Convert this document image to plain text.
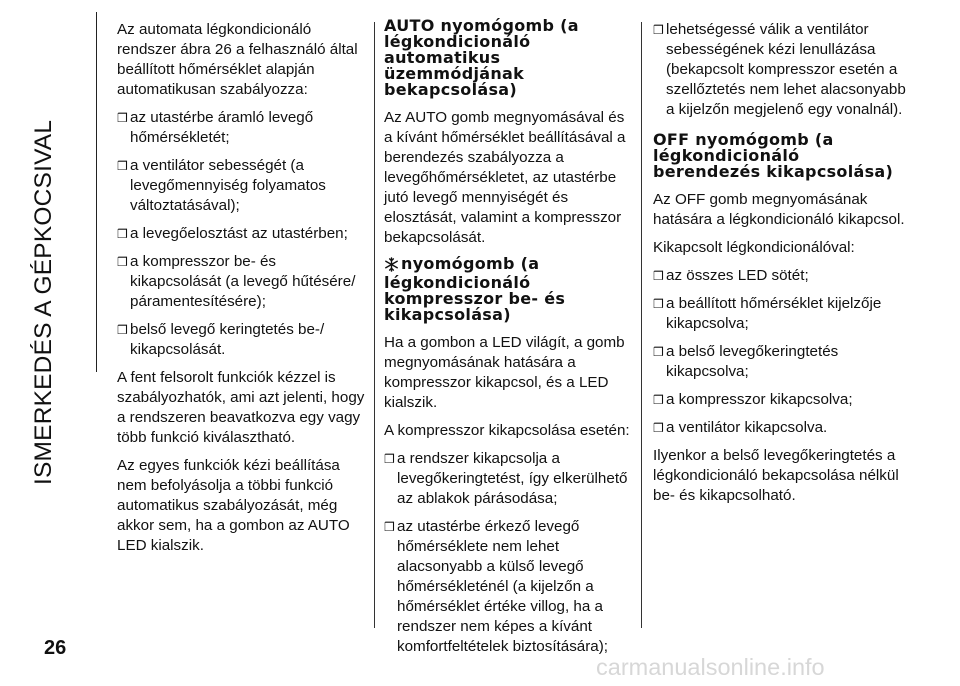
ISMERKEDÉS A GÉPKOCSIVAL

Az automata légkondicionáló rendszer ábra 26 a felhasználó által beállított hőmérséklet alapján automatikusan szabályozza:

❒ az utastérbe áramló levegő hőmérsékletét;
❒ a ventilátor sebességét (a levegőmennyiség folyamatos változtatásával);
❒ a levegőelosztást az utastérben;
❒ a kompresszor be- és kikapcsolását (a levegő hűtésére/ páramentesítésére);
❒ belső levegő keringtetés be-/ kikapcsolását.

A fent felsorolt funkciók kézzel is szabályozhatók, ami azt jelenti, hogy a rendszeren beavatkozva egy vagy több funkció kiválasztható.

Az egyes funkciók kézi beállítása nem befolyásolja a többi funkció automatikus szabályozását, még akkor sem, ha a gombon az AUTO LED kialszik.

AUTO nyomógomb (a légkondicionáló automatikus üzemmódjának bekapcsolása)

Az AUTO gomb megnyomásával és a kívánt hőmérséklet beállításával a berendezés szabályozza a levegőhőmérsékletet, az utastérbe jutó levegő mennyiségét és elosztását, valamint a kompresszor bekapcsolását.

nyomógomb (a légkondicionáló kompresszor be- és kikapcsolása)

Ha a gombon a LED világít, a gomb megnyomásának hatására a kompresszor kikapcsol, és a LED kialszik.

A kompresszor kikapcsolása esetén:

❒ a rendszer kikapcsolja a levegőkeringtetést, így elkerülhető az ablakok párásodása;
❒ az utastérbe érkező levegő hőmérséklete nem lehet alacsonyabb a külső levegő hőmérsékleténél (a kijelzőn a hőmérséklet értéke villog, ha a rendszer nem képes a kívánt komfortfeltételek biztosítására);
❒ lehetségessé válik a ventilátor sebességének kézi lenullázása (bekapcsolt kompresszor esetén a szellőztetés nem lehet alacsonyabb a kijelzőn megjelenő egy vonalnál).
OFF nyomógomb (a légkondicionáló berendezés kikapcsolása)

Az OFF gomb megnyomásának hatására a légkondicionáló kikapcsol.

Kikapcsolt légkondicionálóval:

❒ az összes LED sötét;
❒ a beállított hőmérséklet kijelzője kikapcsolva;
❒ a belső levegőkeringtetés kikapcsolva;
❒ a kompresszor kikapcsolva;
❒ a ventilátor kikapcsolva.

Ilyenkor a belső levegőkeringtetés a légkondicionáló bekapcsolása nélkül be- és kikapcsolható.

26
carmanualsonline.info
